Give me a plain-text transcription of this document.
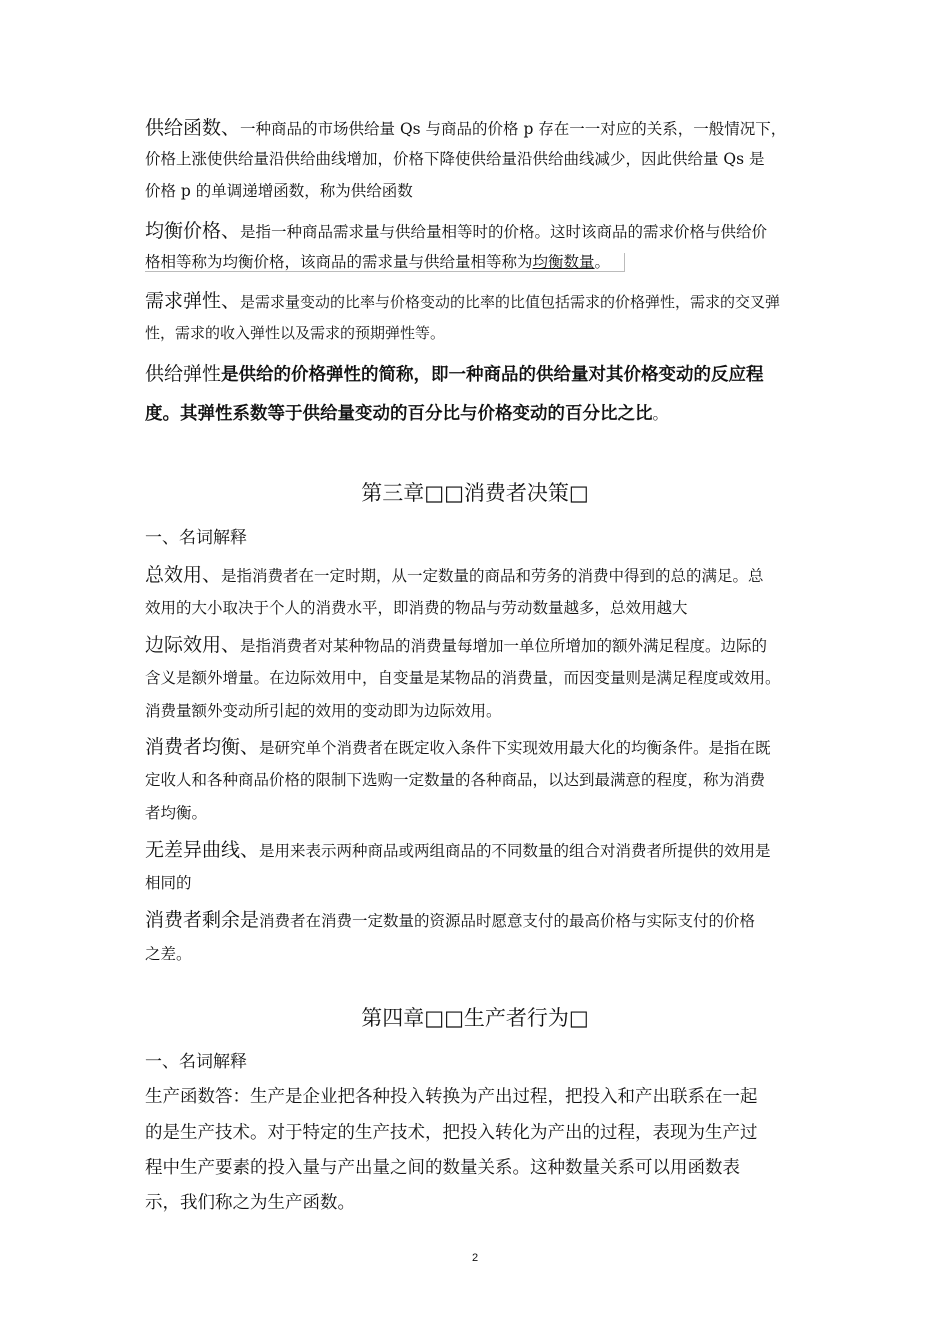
供给函数、一种商品的市场供给量 Qs 与商品的价格 p 存在一一对应的关系，一般情况下，
价格上涨使供给量沿供给曲线增加，价格下降使供给量沿供给曲线减少，因此供给量 Qs 是
价格 p 的单调递增函数，称为供给函数
均衡价格、是指一种商品需求量与供给量相等时的价格。这时该商品的需求价格与供给价
格相等称为均衡价格，该商品的需求量与供给量相等称为均衡数量。
需求弹性、是需求量变动的比率与价格变动的比率的比值包括需求的价格弹性，需求的交叉弹
性，需求的收入弹性以及需求的预期弹性等。
供给弹性是供给的价格弹性的简称，即一种商品的供给量对其价格变动的反应程
度。其弹性系数等于供给量变动的百分比与价格变动的百分比之比。
第三章□□消费者决策□
一、名词解释
总效用、是指消费者在一定时期，从一定数量的商品和劳务的消费中得到的总的满足。总
效用的大小取决于个人的消费水平，即消费的物品与劳动数量越多，总效用越大
边际效用、是指消费者对某种物品的消费量每增加一单位所增加的额外满足程度。边际的
含义是额外增量。在边际效用中，自变量是某物品的消费量，而因变量则是满足程度或效用。
消费量额外变动所引起的效用的变动即为边际效用。
消费者均衡、是研究单个消费者在既定收入条件下实现效用最大化的均衡条件。是指在既
定收人和各种商品价格的限制下选购一定数量的各种商品，以达到最满意的程度，称为消费
者均衡。
无差异曲线、是用来表示两种商品或两组商品的不同数量的组合对消费者所提供的效用是
相同的
消费者剩余是消费者在消费一定数量的资源品时愿意支付的最高价格与实际支付的价格
之差。
第四章□□生产者行为□
一、名词解释
生产函数答：生产是企业把各种投入转换为产出过程，把投入和产出联系在一起
的是生产技术。对于特定的生产技术，把投入转化为产出的过程，表现为生产过
程中生产要素的投入量与产出量之间的数量关系。这种数量关系可以用函数表
示，我们称之为生产函数。
2
